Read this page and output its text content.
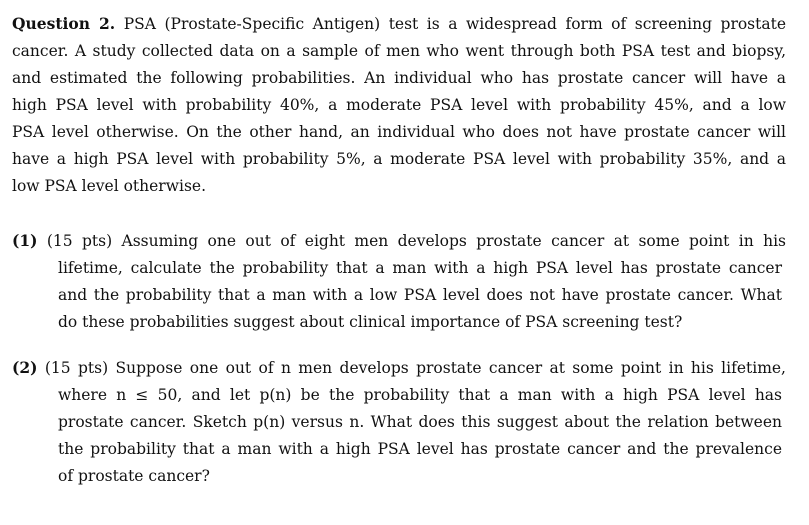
Question 2. PSA (Prostate-Specific Antigen) test is a widespread form of screening prostate
cancer. A study collected data on a sample of men who went through both PSA test and biopsy,
and estimated the following probabilities. An individual who has prostate cancer will have a
high PSA level with probability 40%, a moderate PSA level with probability 45%, and a low
PSA level otherwise. On the other hand, an individual who does not have prostate cancer will
have a high PSA level with probability 5%, a moderate PSA level with probability 35%, and a
low PSA level otherwise.
(1) (15 pts) Assuming one out of eight men develops prostate cancer at some point in his
lifetime, calculate the probability that a man with a high PSA level has prostate cancer
and the probability that a man with a low PSA level does not have prostate cancer. What
do these probabilities suggest about clinical importance of PSA screening test?
(2) (15 pts) Suppose one out of n men develops prostate cancer at some point in his lifetime,
where n ≤ 50, and let p(n) be the probability that a man with a high PSA level has
prostate cancer. Sketch p(n) versus n. What does this suggest about the relation between
the probability that a man with a high PSA level has prostate cancer and the prevalence
of prostate cancer?
